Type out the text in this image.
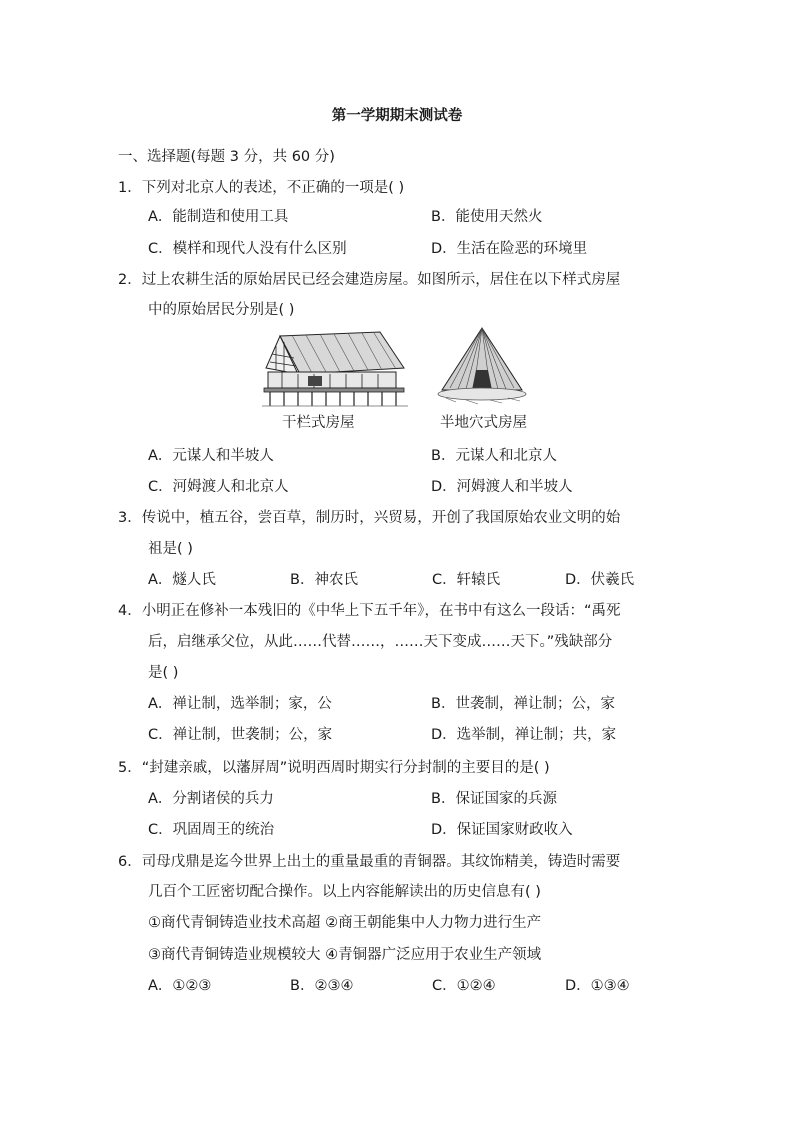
第一学期期末测试卷
一、选择题(每题 3 分，共 60 分)
1．下列对北京人的表述，不正确的一项是( )
A．能制造和使用工具	B．能使用天然火
C．模样和现代人没有什么区别	D．生活在险恶的环境里
2．过上农耕生活的原始居民已经会建造房屋。如图所示，居住在以下样式房屋
中的原始居民分别是( )
干栏式房屋	半地穴式房屋
A．元谋人和半坡人	B．元谋人和北京人
C．河姆渡人和北京人	D．河姆渡人和半坡人
3．传说中，植五谷，尝百草，制历时，兴贸易，开创了我国原始农业文明的始
祖是( )
A．燧人氏	B．神农氏	C．轩辕氏	D．伏羲氏
4．小明正在修补一本残旧的《中华上下五千年》，在书中有这么一段话：“禹死
后，启继承父位，从此……代替……，……天下变成……天下。”残缺部分
是( )
A．禅让制，选举制；家，公	B．世袭制，禅让制；公，家
C．禅让制，世袭制；公，家	D．选举制，禅让制；共，家
5．“封建亲戚，以藩屏周”说明西周时期实行分封制的主要目的是( )
A．分割诸侯的兵力	B．保证国家的兵源
C．巩固周王的统治	D．保证国家财政收入
6．司母戊鼎是迄今世界上出土的重量最重的青铜器。其纹饰精美，铸造时需要
几百个工匠密切配合操作。以上内容能解读出的历史信息有( )
①商代青铜铸造业技术高超 ②商王朝能集中人力物力进行生产
③商代青铜铸造业规模较大 ④青铜器广泛应用于农业生产领域
A．①②③	B．②③④	C．①②④	D．①③④
